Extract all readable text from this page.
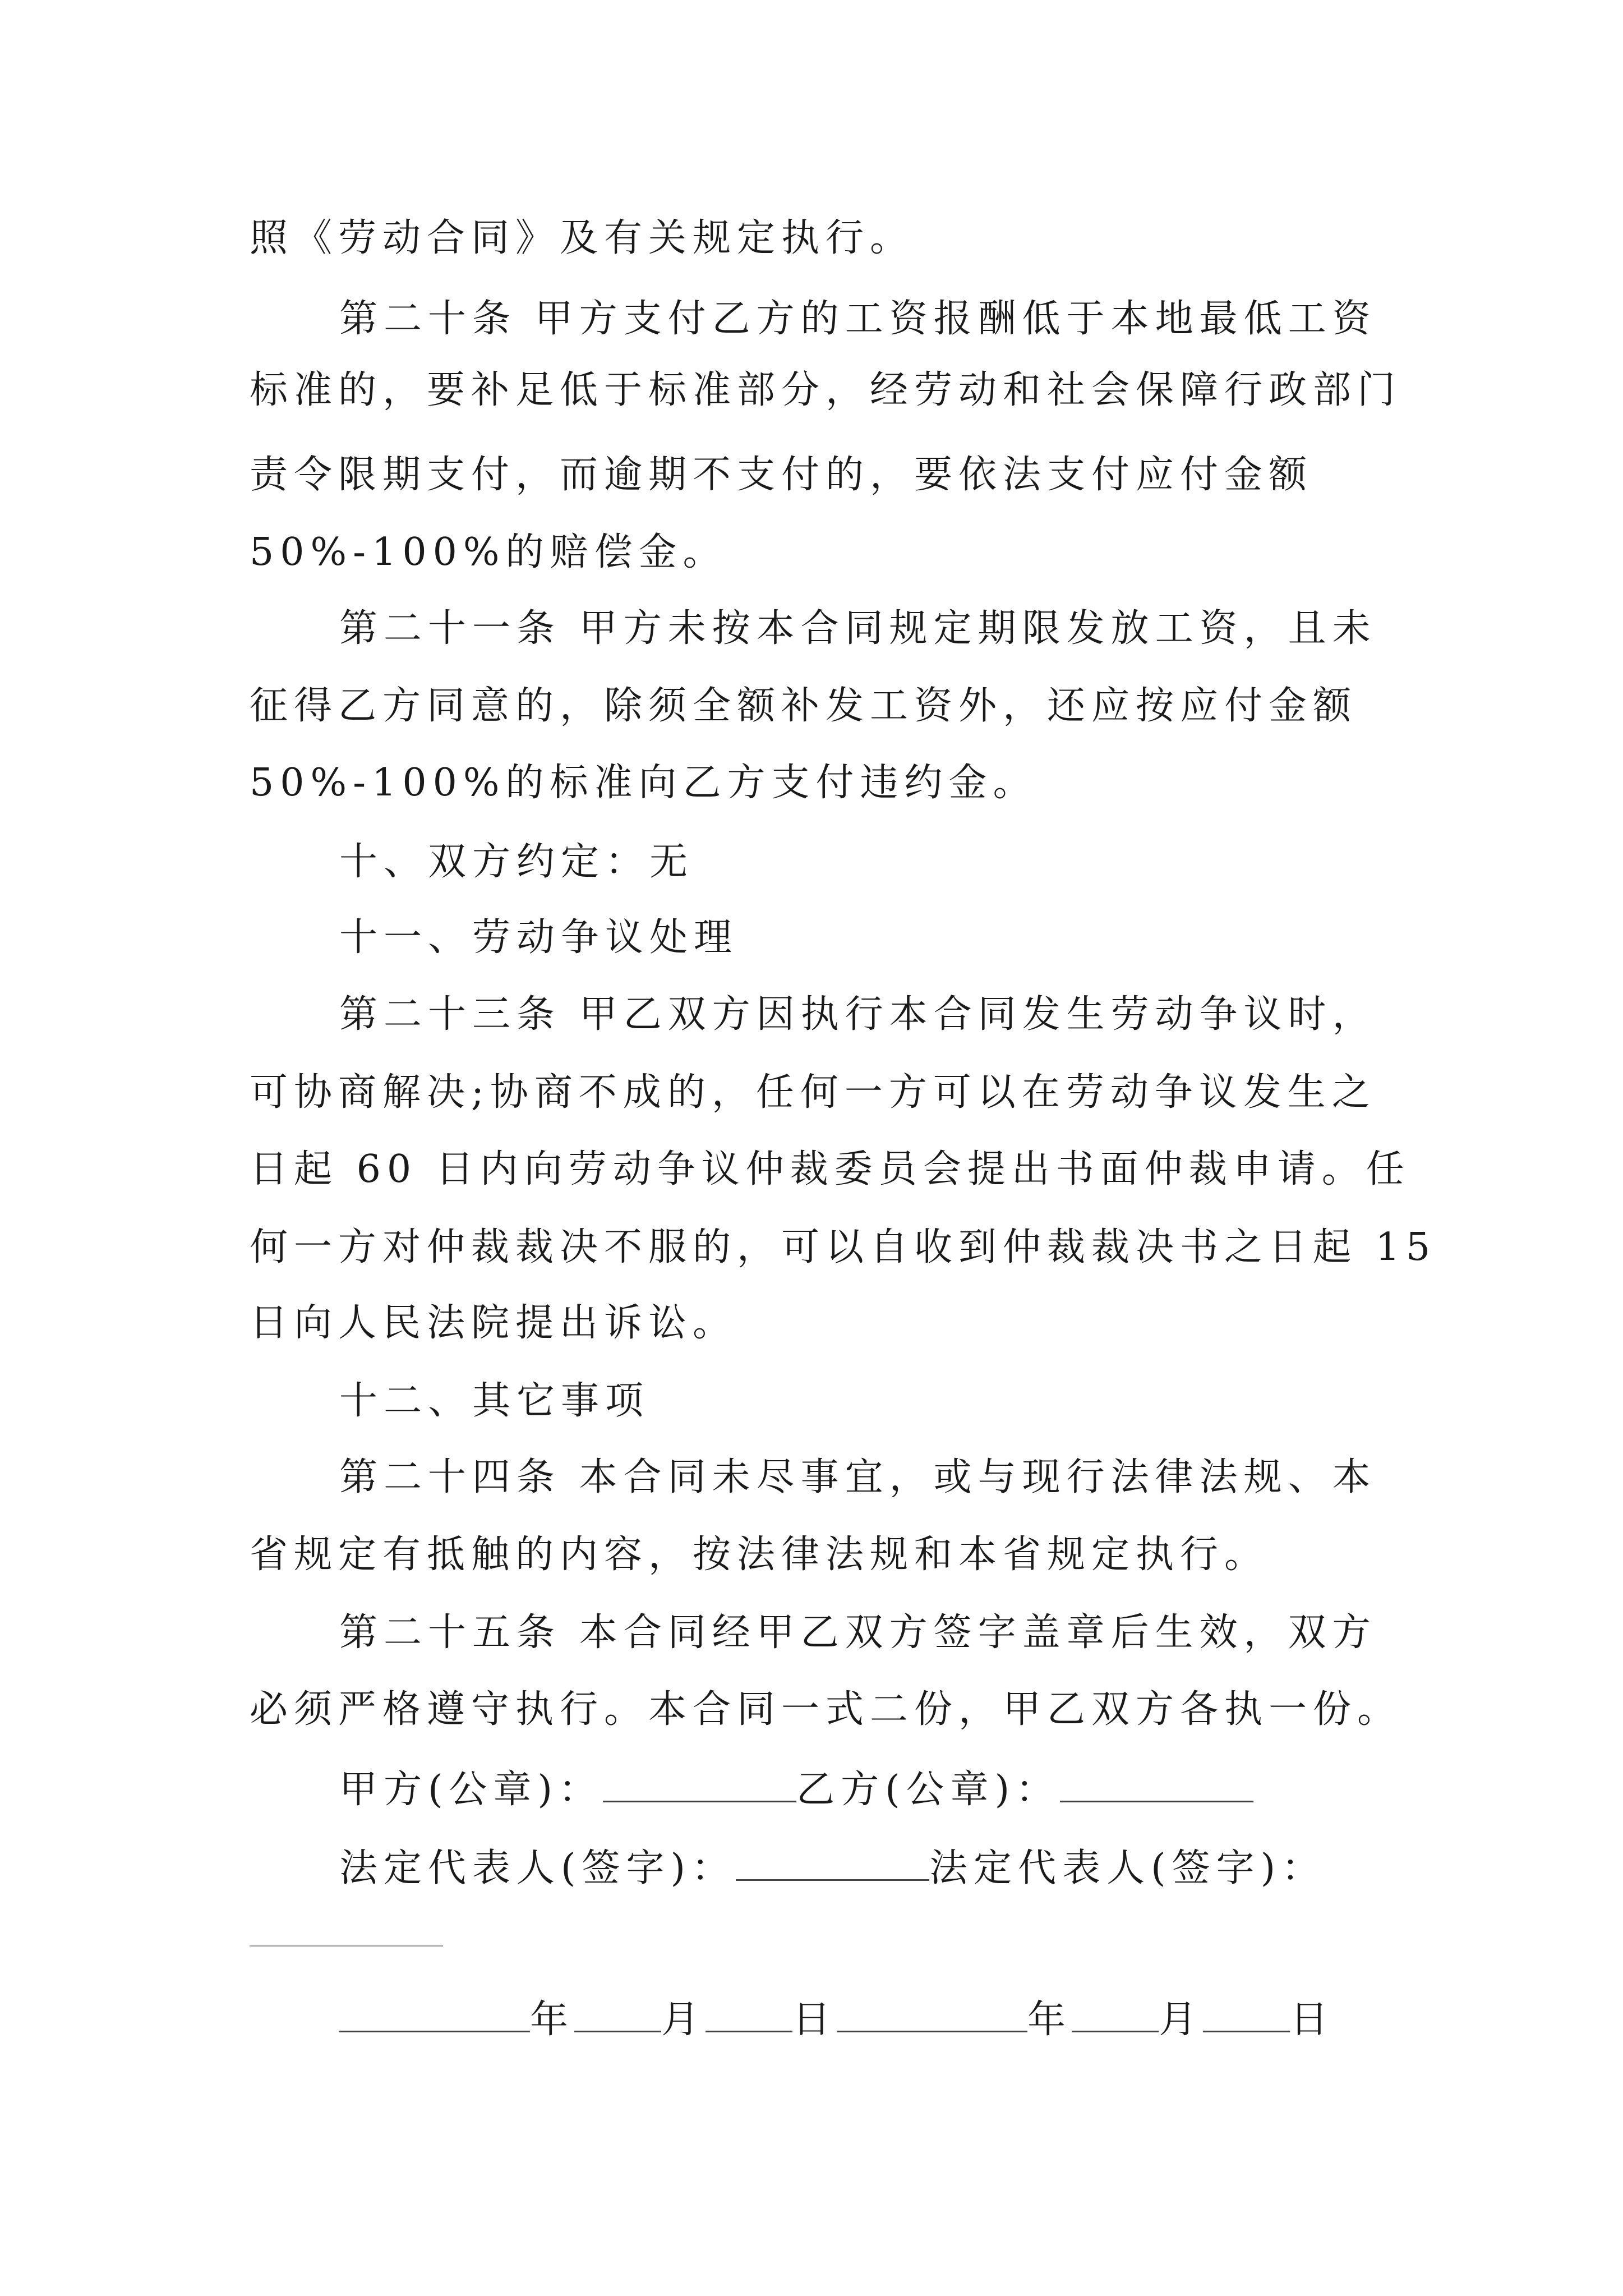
照《劳动合同》及有关规定执行。
第二十条 甲方支付乙方的工资报酬低于本地最低工资
标准的，要补足低于标准部分，经劳动和社会保障行政部门
责令限期支付，而逾期不支付的，要依法支付应付金额
50%-100%的赔偿金。
第二十一条 甲方未按本合同规定期限发放工资，且未
征得乙方同意的，除须全额补发工资外，还应按应付金额
50%-100%的标准向乙方支付违约金。
十、双方约定：无
十一、劳动争议处理
第二十三条 甲乙双方因执行本合同发生劳动争议时，
可协商解决;协商不成的，任何一方可以在劳动争议发生之
日起 60 日内向劳动争议仲裁委员会提出书面仲裁申请。任
何一方对仲裁裁决不服的，可以自收到仲裁裁决书之日起 15
日向人民法院提出诉讼。
十二、其它事项
第二十四条 本合同未尽事宜，或与现行法律法规、本
省规定有抵触的内容，按法律法规和本省规定执行。
第二十五条 本合同经甲乙双方签字盖章后生效，双方
必须严格遵守执行。本合同一式二份，甲乙双方各执一份。
甲方(公章)：	乙方(公章)：
法定代表人(签字)：	法定代表人(签字)：
年 月 日	年 月 日
